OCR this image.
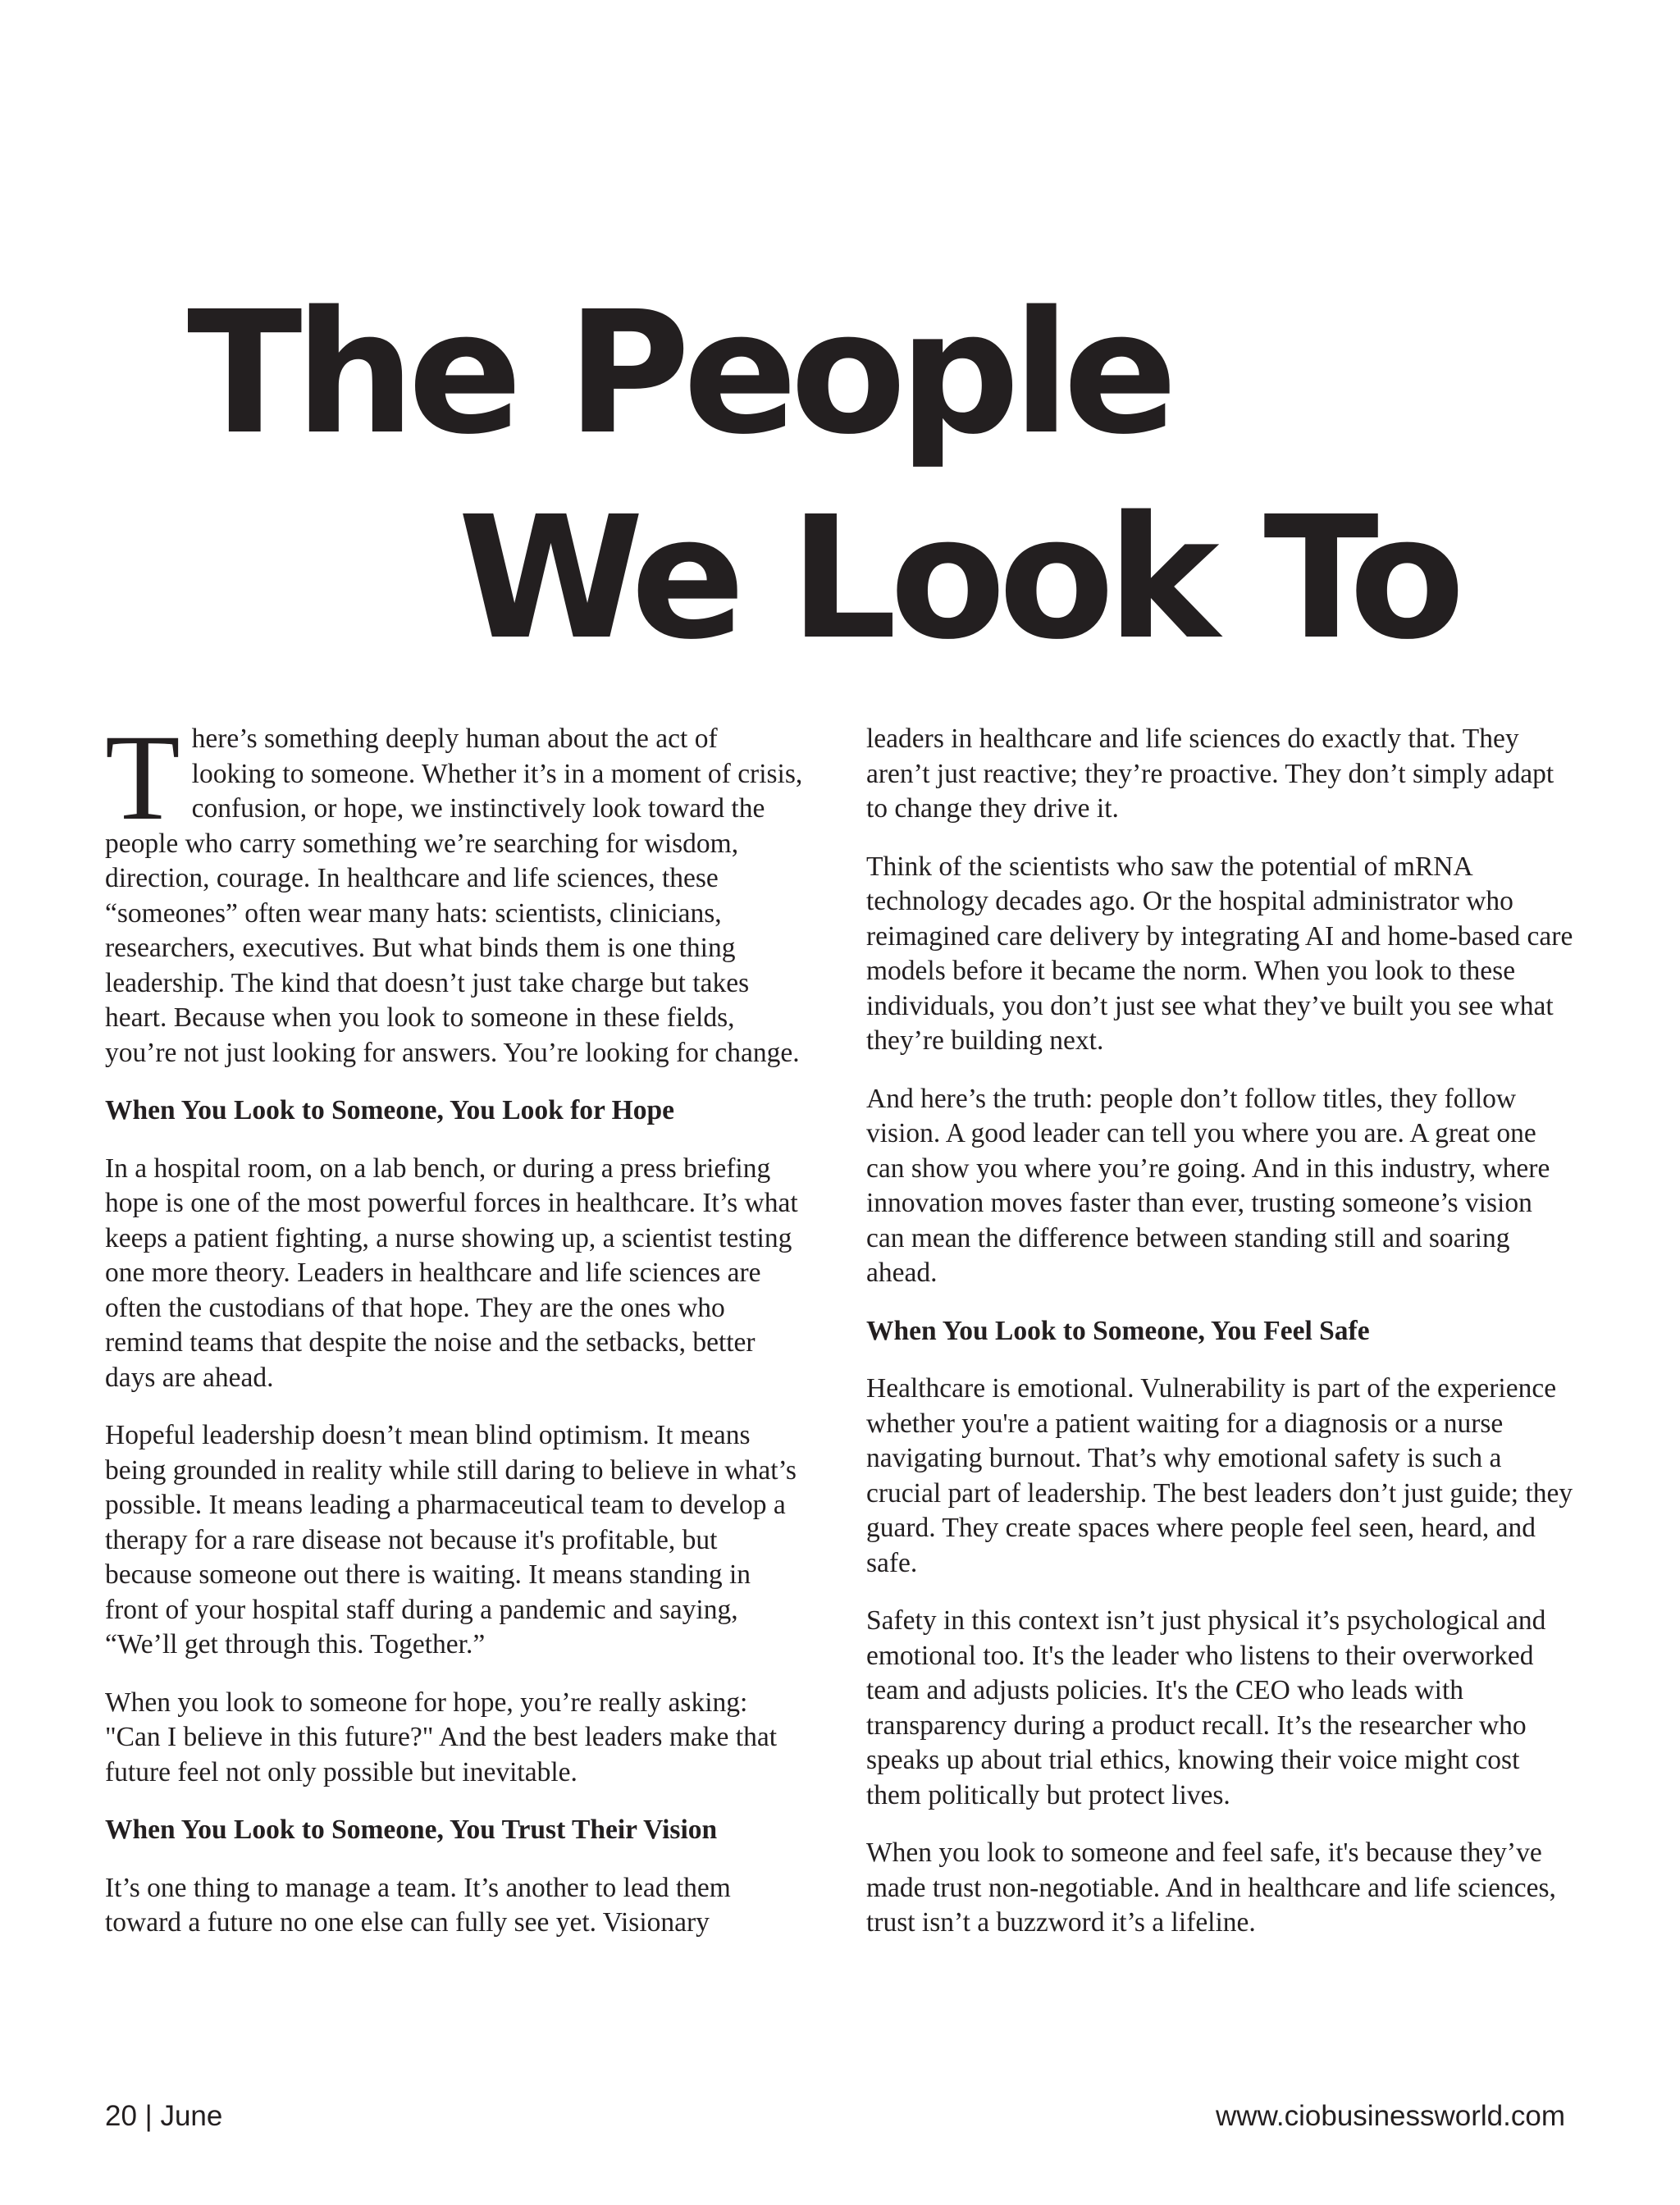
The People
We Look To

There’s something deeply human about the act of looking to someone. Whether it’s in a moment of crisis, confusion, or hope, we instinctively look toward the people who carry something we’re searching for wisdom, direction, courage. In healthcare and life sciences, these “someones” often wear many hats: scientists, clinicians, researchers, executives. But what binds them is one thing leadership. The kind that doesn’t just take charge but takes heart. Because when you look to someone in these fields, you’re not just looking for answers. You’re looking for change.

When You Look to Someone, You Look for Hope

In a hospital room, on a lab bench, or during a press briefing hope is one of the most powerful forces in healthcare. It’s what keeps a patient fighting, a nurse showing up, a scientist testing one more theory. Leaders in healthcare and life sciences are often the custodians of that hope. They are the ones who remind teams that despite the noise and the setbacks, better days are ahead.

Hopeful leadership doesn’t mean blind optimism. It means being grounded in reality while still daring to believe in what’s possible. It means leading a pharmaceutical team to develop a therapy for a rare disease not because it's profitable, but because someone out there is waiting. It means standing in front of your hospital staff during a pandemic and saying, “We’ll get through this. Together.”

When you look to someone for hope, you’re really asking: "Can I believe in this future?" And the best leaders make that future feel not only possible but inevitable.

When You Look to Someone, You Trust Their Vision

It’s one thing to manage a team. It’s another to lead them toward a future no one else can fully see yet. Visionary

leaders in healthcare and life sciences do exactly that. They aren’t just reactive; they’re proactive. They don’t simply adapt to change they drive it.

Think of the scientists who saw the potential of mRNA technology decades ago. Or the hospital administrator who reimagined care delivery by integrating AI and home-based care models before it became the norm. When you look to these individuals, you don’t just see what they’ve built you see what they’re building next.

And here’s the truth: people don’t follow titles, they follow vision. A good leader can tell you where you are. A great one can show you where you’re going. And in this industry, where innovation moves faster than ever, trusting someone’s vision can mean the difference between standing still and soaring ahead.

When You Look to Someone, You Feel Safe

Healthcare is emotional. Vulnerability is part of the experience whether you're a patient waiting for a diagnosis or a nurse navigating burnout. That’s why emotional safety is such a crucial part of leadership. The best leaders don’t just guide; they guard. They create spaces where people feel seen, heard, and safe.

Safety in this context isn’t just physical it’s psychological and emotional too. It's the leader who listens to their overworked team and adjusts policies. It's the CEO who leads with transparency during a product recall. It’s the researcher who speaks up about trial ethics, knowing their voice might cost them politically but protect lives.

When you look to someone and feel safe, it's because they’ve made trust non-negotiable. And in healthcare and life sciences, trust isn’t a buzzword it’s a lifeline.

20 | June	www.ciobusinessworld.com
